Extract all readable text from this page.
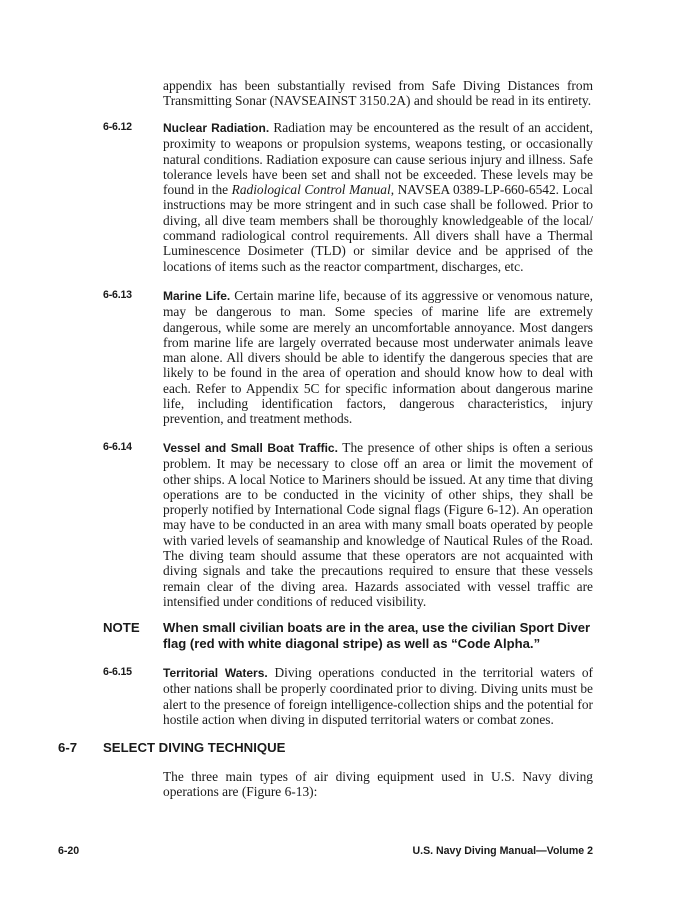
appendix has been substantially revised from Safe Diving Distances from Transmitting Sonar (NAVSEAINST 3150.2A) and should be read in its entirety.

6-6.12	Nuclear Radiation. Radiation may be encountered as the result of an accident, proximity to weapons or propulsion systems, weapons testing, or occasionally natural conditions. Radiation exposure can cause serious injury and illness. Safe tolerance levels have been set and shall not be exceeded. These levels may be found in the Radiological Control Manual, NAVSEA 0389-LP-660-6542. Local instructions may be more stringent and in such case shall be followed. Prior to diving, all dive team members shall be thoroughly knowledgeable of the local/ command radiological control requirements. All divers shall have a Thermal Luminescence Dosimeter (TLD) or similar device and be apprised of the locations of items such as the reactor compartment, discharges, etc.

6-6.13	Marine Life. Certain marine life, because of its aggressive or venomous nature, may be dangerous to man. Some species of marine life are extremely dangerous, while some are merely an uncomfortable annoyance. Most dangers from marine life are largely overrated because most underwater animals leave man alone. All divers should be able to identify the dangerous species that are likely to be found in the area of operation and should know how to deal with each. Refer to Appendix 5C for specific information about dangerous marine life, including identification factors, dangerous characteristics, injury prevention, and treatment methods.

6-6.14	Vessel and Small Boat Traffic. The presence of other ships is often a serious problem. It may be necessary to close off an area or limit the movement of other ships. A local Notice to Mariners should be issued. At any time that diving operations are to be conducted in the vicinity of other ships, they shall be properly notified by International Code signal flags (Figure 6-12). An operation may have to be conducted in an area with many small boats operated by people with varied levels of seamanship and knowledge of Nautical Rules of the Road. The diving team should assume that these operators are not acquainted with diving signals and take the precautions required to ensure that these vessels remain clear of the diving area. Hazards associated with vessel traffic are intensified under conditions of reduced visibility.

NOTE When small civilian boats are in the area, use the civilian Sport Diver flag (red with white diagonal stripe) as well as “Code Alpha.”

6-6.15	Territorial Waters. Diving operations conducted in the territorial waters of other nations shall be properly coordinated prior to diving. Diving units must be alert to the presence of foreign intelligence-collection ships and the potential for hostile action when diving in disputed territorial waters or combat zones.

6-7 SELECT DIVING TECHNIQUE

The three main types of air diving equipment used in U.S. Navy diving operations are (Figure 6-13):

6-20	U.S. Navy Diving Manual—Volume 2
